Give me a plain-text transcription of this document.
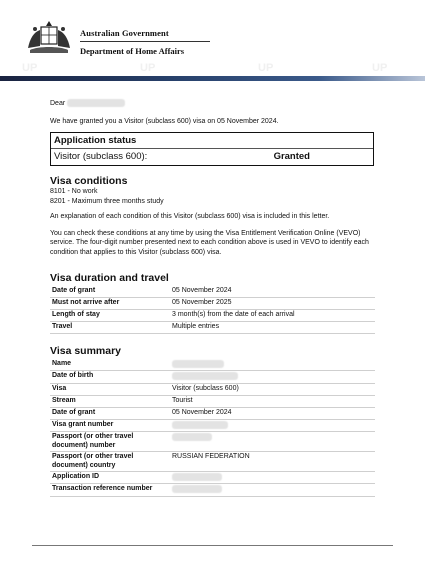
Australian Government
Department of Home Affairs
UP	UP	UP	UP

Dear

We have granted you a Visitor (subclass 600) visa on 05 November 2024.

Application status
Visitor (subclass 600):	Granted
Visa conditions

8101 - No work

8201 - Maximum three months study

An explanation of each condition of this Visitor (subclass 600) visa is included in this letter.

You can check these conditions at any time by using the Visa Entitlement Verification Online (VEVO) service. The four-digit number presented next to each condition above is used in VEVO to identify each condition that applies to this Visitor (subclass 600) visa.

Visa duration and travel
Date of grant	05 November 2024
Must not arrive after	05 November 2025
Length of stay	3 month(s) from the date of each arrival
Travel	Multiple entries
Visa summary
Name	
Date of birth	
Visa	Visitor (subclass 600)
Stream	Tourist
Date of grant	05 November 2024
Visa grant number	
Passport (or other travel document) number	
Passport (or other travel document) country	RUSSIAN FEDERATION
Application ID	
Transaction reference number	
